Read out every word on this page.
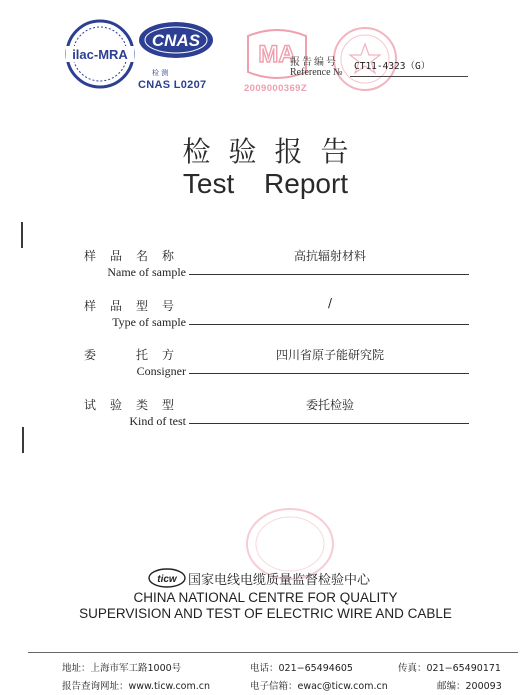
ilac-MRA
CNAS
检 测
CNAS L0207
MA
2009000369Z
报告编号
Reference №
CT11-4323（G）
检验报告
Test Report
样 品 名 称	高抗辐射材料
Name of sample
样 品 型 号	/
Type of sample
委	托 方	四川省原子能研究院
Consigner
试 验 类 型	委托检验
Kind of test
ticw 国家电线电缆质量监督检验中心
CHINA NATIONAL CENTRE FOR QUALITY
SUPERVISION AND TEST OF ELECTRIC WIRE AND CABLE
地址：上海市军工路1000号	电话：021−65494605	传真：021−65490171
报告查询网址：www.ticw.com.cn	电子信箱：ewac@ticw.com.cn	邮编：200093
